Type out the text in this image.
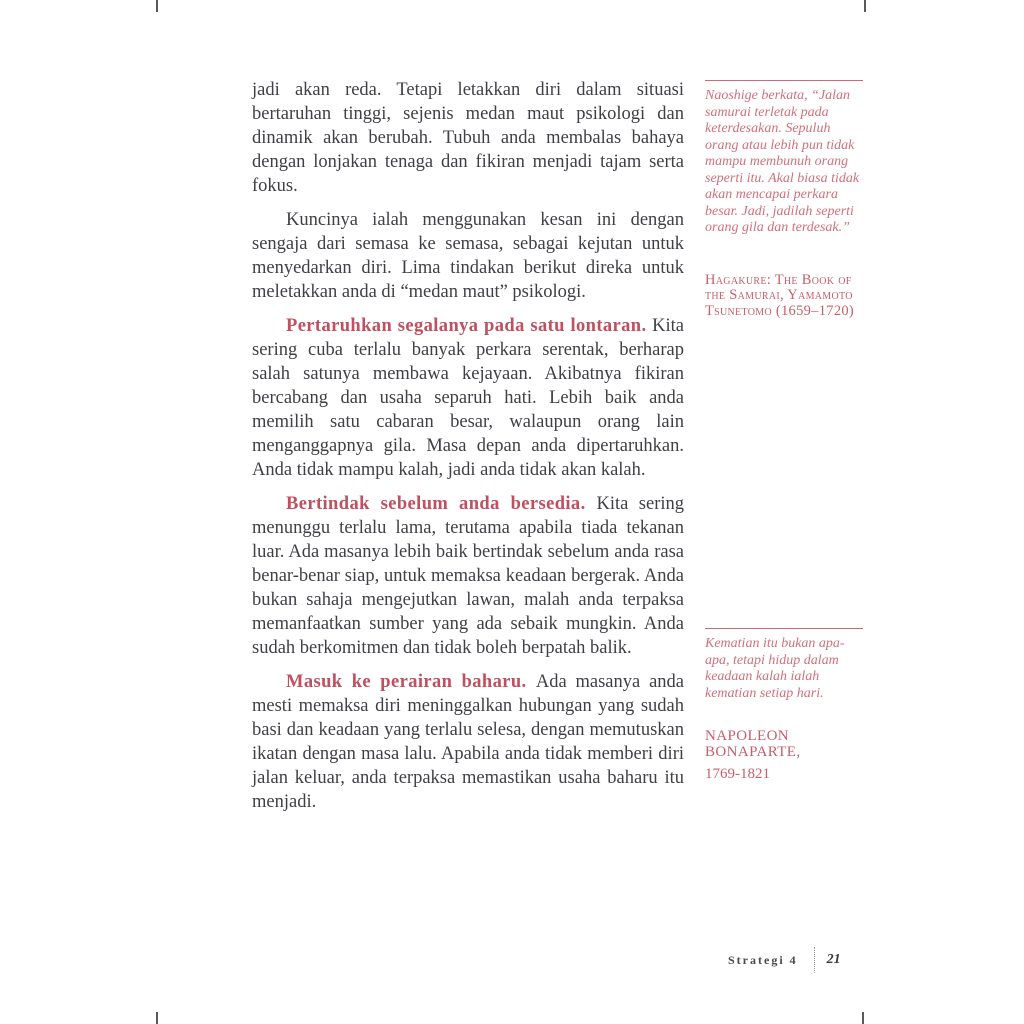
jadi akan reda. Tetapi letakkan diri dalam situasi bertaruhan tinggi, sejenis medan maut psikologi dan dinamik akan berubah. Tubuh anda membalas bahaya dengan lonjakan tenaga dan fikiran menjadi tajam serta fokus.

Kuncinya ialah menggunakan kesan ini dengan sengaja dari semasa ke semasa, sebagai kejutan untuk menyedarkan diri. Lima tindakan berikut direka untuk meletakkan anda di “medan maut” psikologi.

Pertaruhkan segalanya pada satu lontaran. Kita sering cuba terlalu banyak perkara serentak, berharap salah satunya membawa kejayaan. Akibatnya fikiran bercabang dan usaha separuh hati. Lebih baik anda memilih satu cabaran besar, walaupun orang lain menganggapnya gila. Masa depan anda dipertaruhkan. Anda tidak mampu kalah, jadi anda tidak akan kalah.

Bertindak sebelum anda bersedia. Kita sering menunggu terlalu lama, terutama apabila tiada tekanan luar. Ada masanya lebih baik bertindak sebelum anda rasa benar-benar siap, untuk memaksa keadaan bergerak. Anda bukan sahaja mengejutkan lawan, malah anda terpaksa memanfaatkan sumber yang ada sebaik mungkin. Anda sudah berkomitmen dan tidak boleh berpatah balik.

Masuk ke perairan baharu. Ada masanya anda mesti memaksa diri meninggalkan hubungan yang sudah basi dan keadaan yang terlalu selesa, dengan memutuskan ikatan dengan masa lalu. Apabila anda tidak memberi diri jalan keluar, anda terpaksa memastikan usaha baharu itu menjadi.

Naoshige berkata, “Jalan samurai terletak pada keterdesakan. Sepuluh orang atau lebih pun tidak mampu membunuh orang seperti itu. Akal biasa tidak akan mencapai perkara besar. Jadi, jadilah seperti orang gila dan terdesak.”
Hagakure: The Book of the Samurai, Yamamoto Tsunetomo (1659–1720)
Kematian itu bukan apa-apa, tetapi hidup dalam keadaan kalah ialah kematian setiap hari.
NAPOLEON BONAPARTE,
1769-1821
Strategi 4 21
